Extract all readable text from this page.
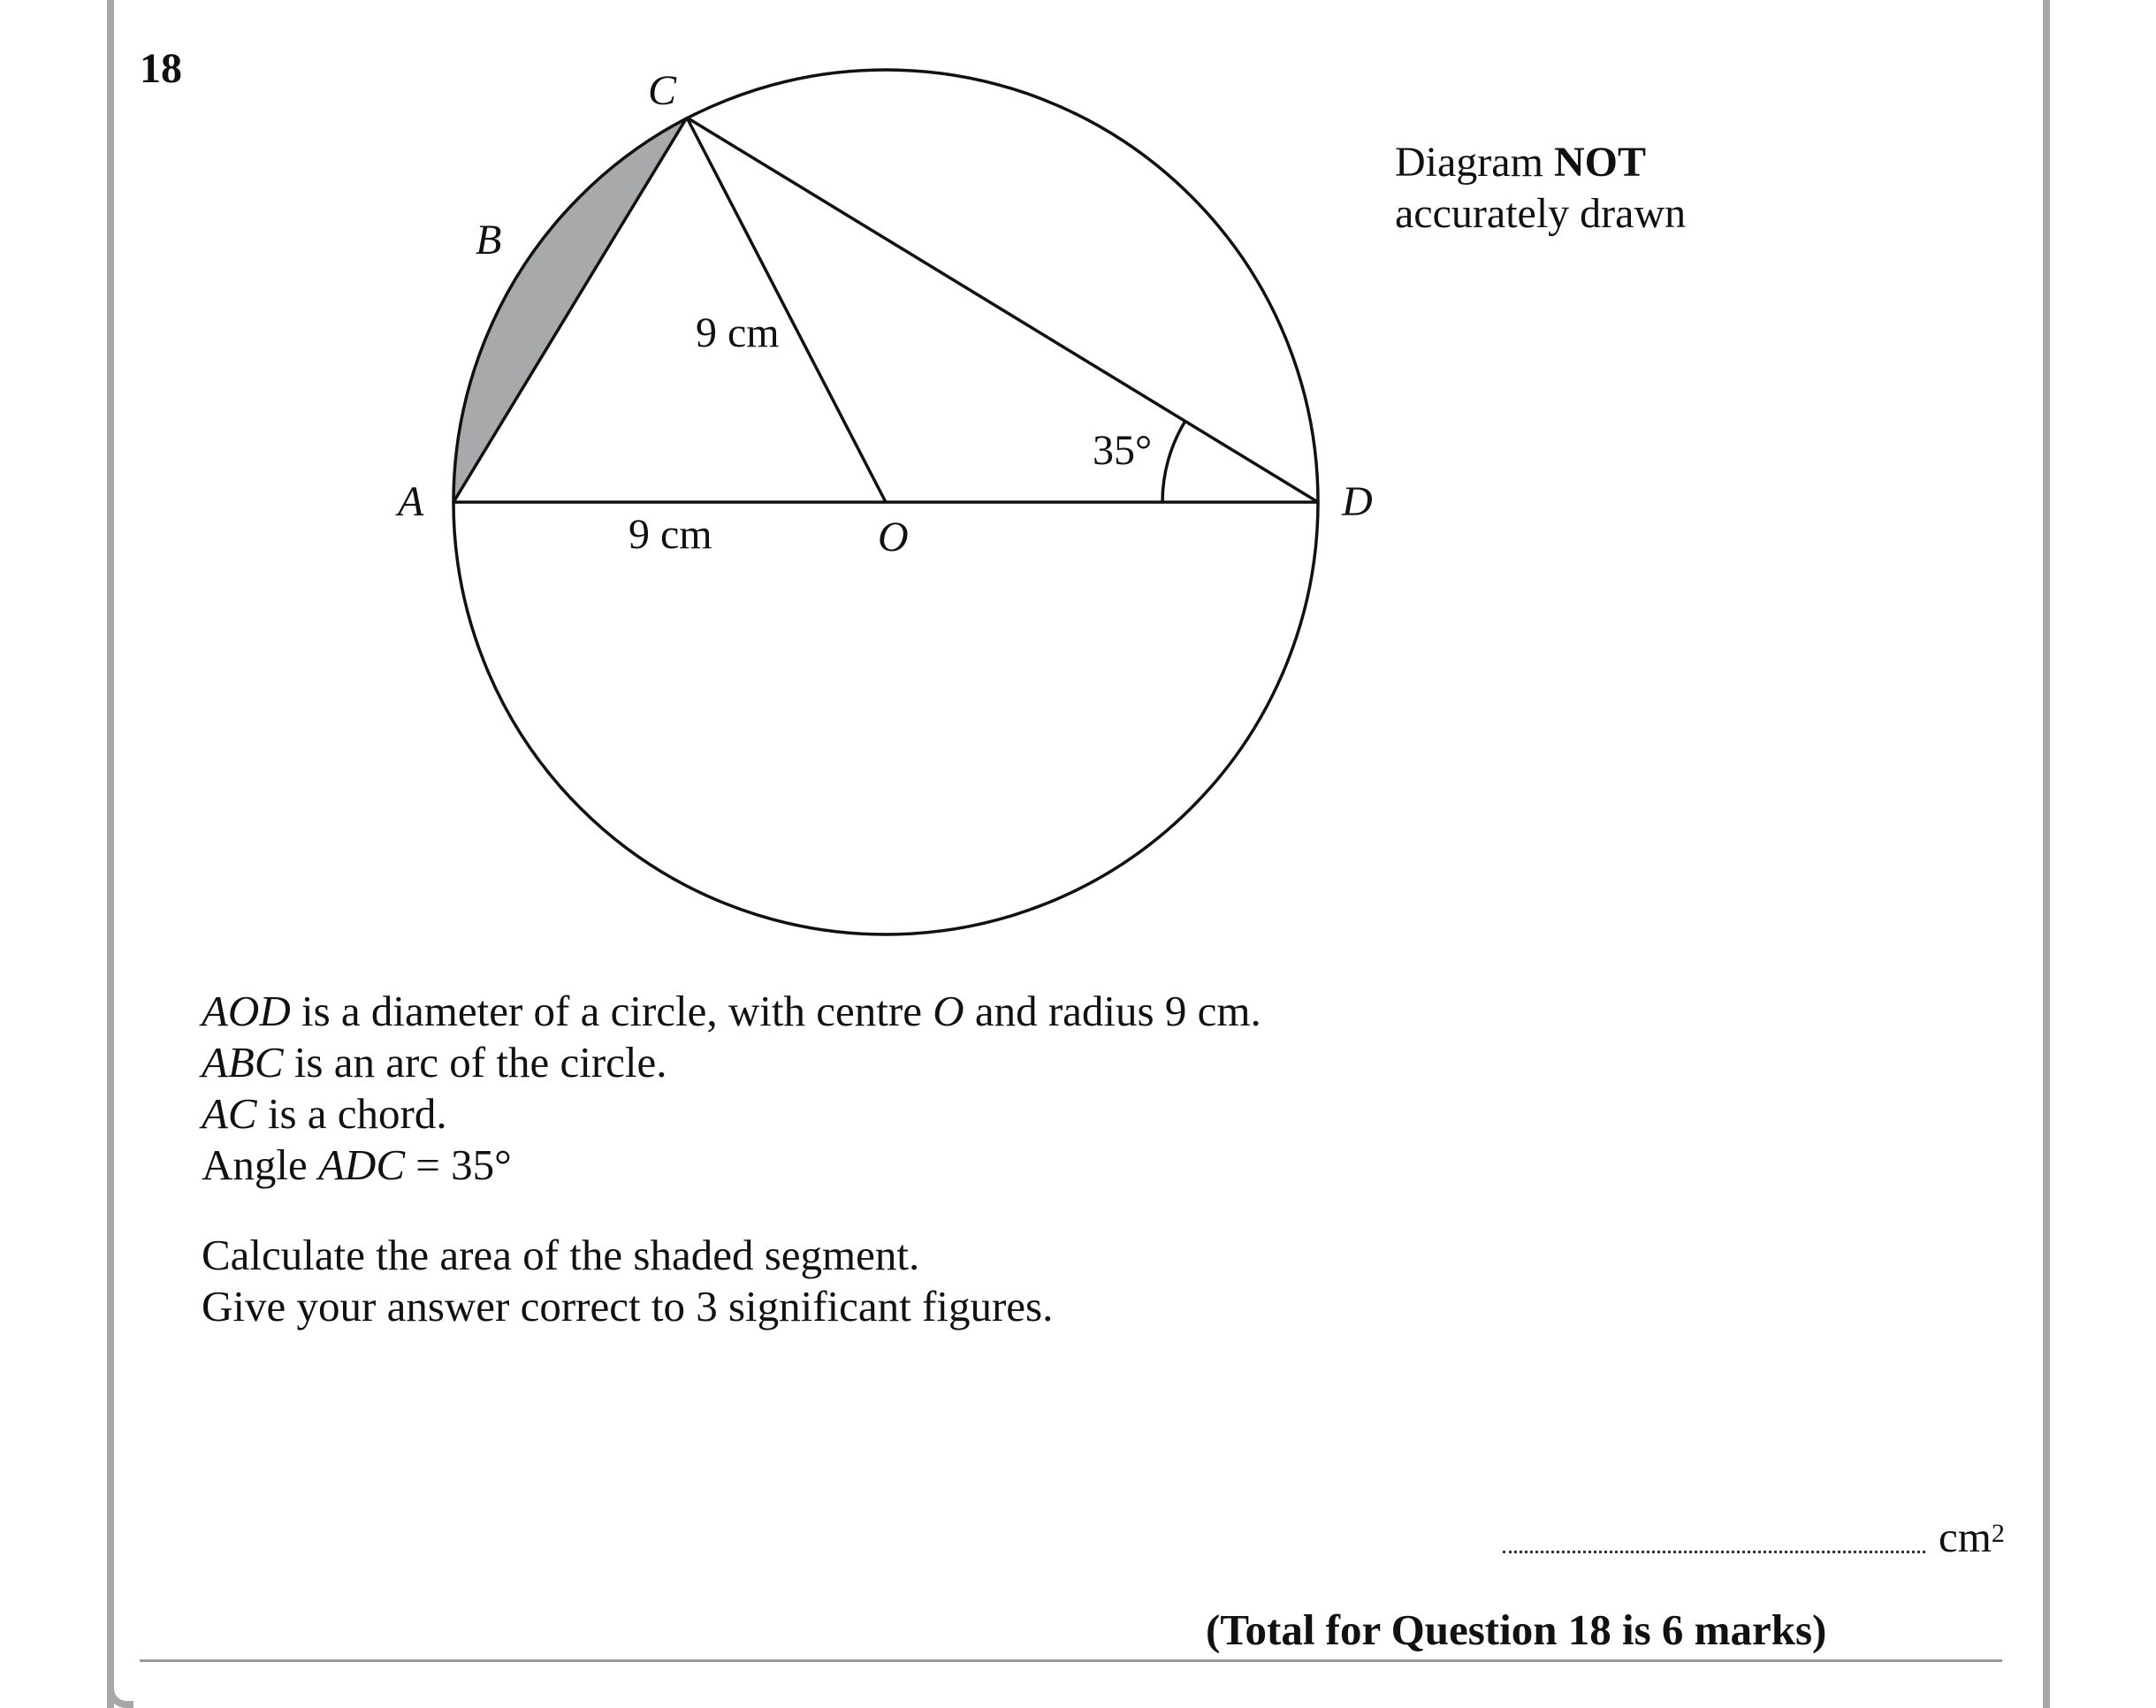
18	C
B
A	D
O
9 cm
9 cm
35°
Diagram NOT
accurately drawn
AOD is a diameter of a circle, with centre O and radius 9 cm.
ABC is an arc of the circle.
AC is a chord.
Angle ADC = 35°
Calculate the area of the shaded segment.
Give your answer correct to 3 significant figures.
$cm^2$
(Total for Question 18 is 6 marks)
